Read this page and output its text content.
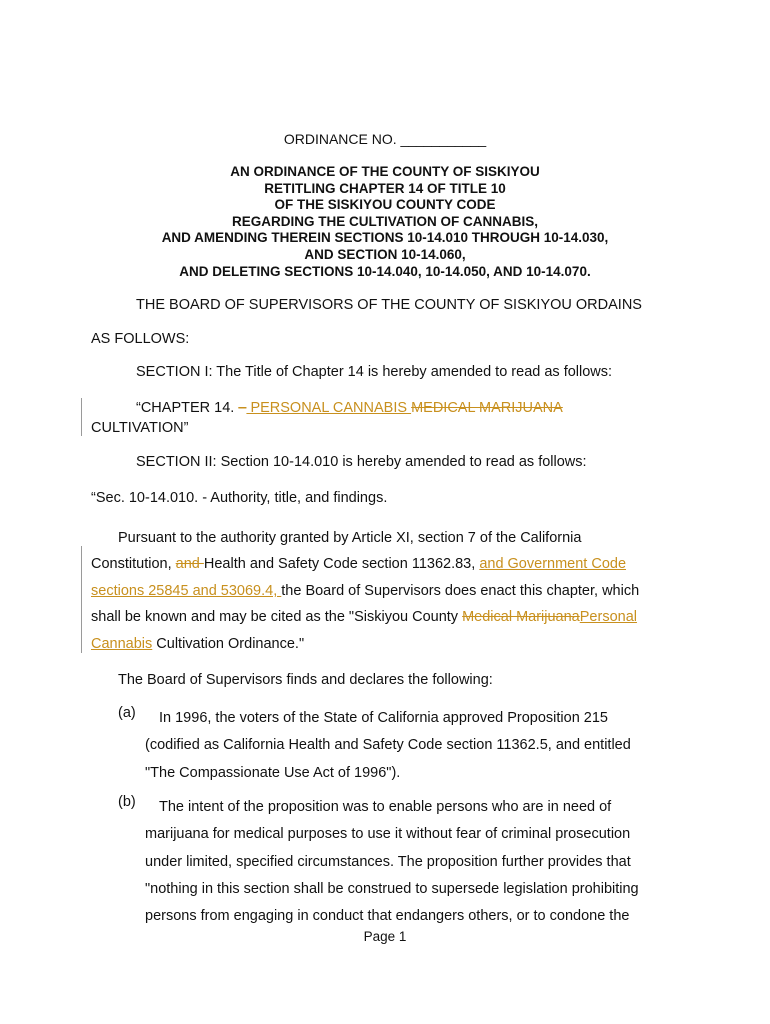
ORDINANCE NO. ___________

AN ORDINANCE OF THE COUNTY OF SISKIYOU
RETITLING CHAPTER 14 OF TITLE 10
OF THE SISKIYOU COUNTY CODE
REGARDING THE CULTIVATION OF CANNABIS,
AND AMENDING THEREIN SECTIONS 10-14.010 THROUGH 10-14.030,
AND SECTION 10-14.060,
AND DELETING SECTIONS 10-14.040, 10-14.050, AND 10-14.070.
THE BOARD OF SUPERVISORS OF THE COUNTY OF SISKIYOU ORDAINS
AS FOLLOWS:
SECTION I: The Title of Chapter 14 is hereby amended to read as follows:
“CHAPTER 14. – PERSONAL CANNABIS MEDICAL MARIJUANA
CULTIVATION”
SECTION II: Section 10-14.010 is hereby amended to read as follows:
“Sec. 10-14.010. - Authority, title, and findings.
Pursuant to the authority granted by Article XI, section 7 of the California
Constitution, and Health and Safety Code section 11362.83, and Government Code
sections 25845 and 53069.4, the Board of Supervisors does enact this chapter, which
shall be known and may be cited as the "Siskiyou County Medical MarijuanaPersonal
Cannabis Cultivation Ordinance."
The Board of Supervisors finds and declares the following:
(a)	In 1996, the voters of the State of California approved Proposition 215
(codified as California Health and Safety Code section 11362.5, and entitled
"The Compassionate Use Act of 1996").
(b)	The intent of the proposition was to enable persons who are in need of
marijuana for medical purposes to use it without fear of criminal prosecution
under limited, specified circumstances. The proposition further provides that
"nothing in this section shall be construed to supersede legislation prohibiting
persons from engaging in conduct that endangers others, or to condone the
Page 1
